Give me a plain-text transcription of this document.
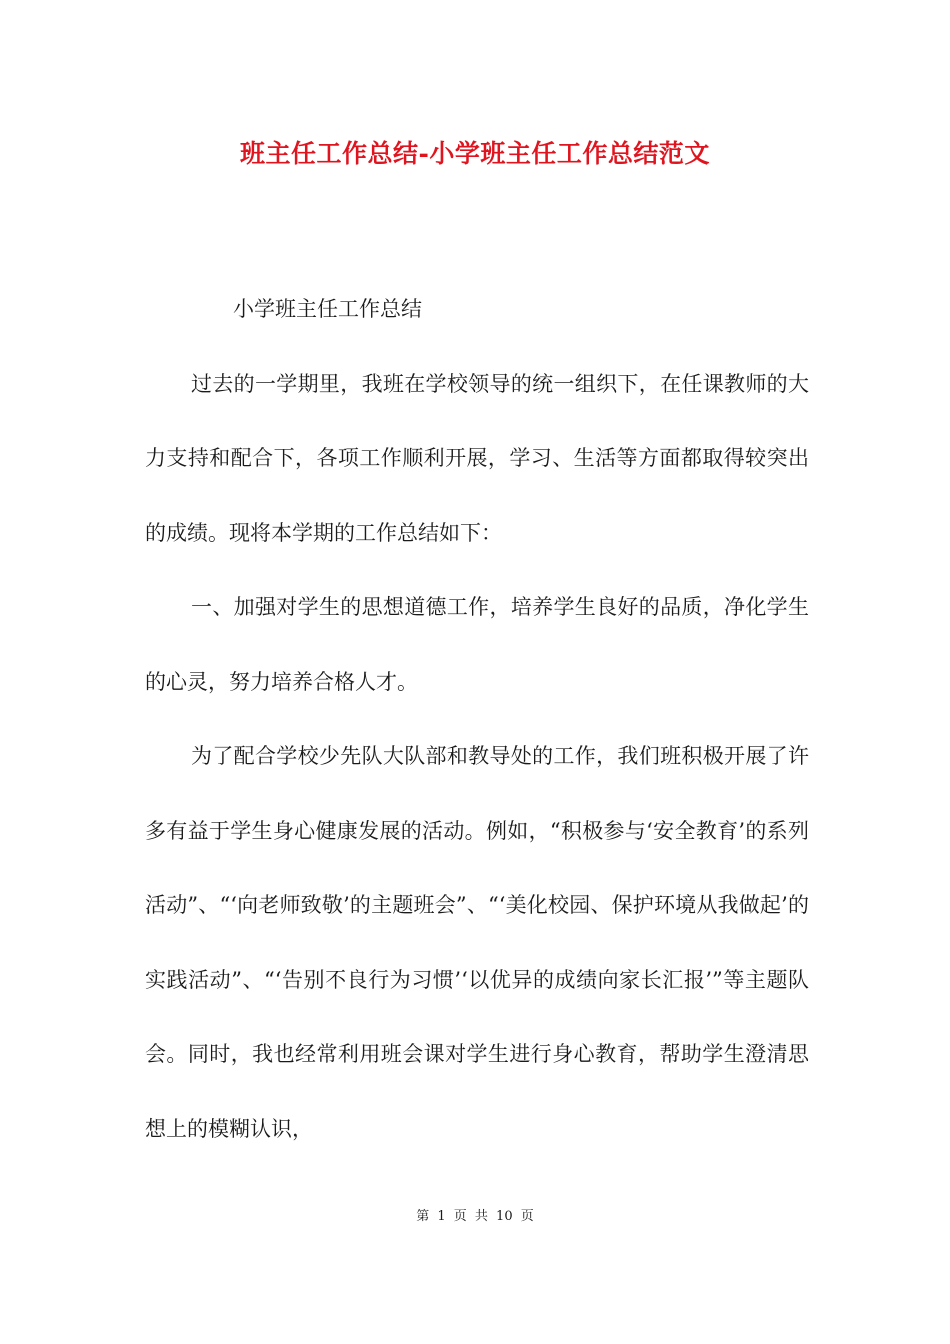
班主任工作总结-小学班主任工作总结范文

小学班主任工作总结

过去的一学期里，我班在学校领导的统一组织下，在任课教师的大力支持和配合下，各项工作顺利开展，学习、生活等方面都取得较突出的成绩。现将本学期的工作总结如下：

一、加强对学生的思想道德工作，培养学生良好的品质，净化学生的心灵，努力培养合格人才。

为了配合学校少先队大队部和教导处的工作，我们班积极开展了许多有益于学生身心健康发展的活动。例如，“积极参与‘安全教育’的系列活动”、“‘向老师致敬’的主题班会”、“‘美化校园、保护环境从我做起’的实践活动”、“‘告别不良行为习惯’‘以优异的成绩向家长汇报’”等主题队会。同时，我也经常利用班会课对学生进行身心教育，帮助学生澄清思想上的模糊认识，

第 1 页 共 10 页
